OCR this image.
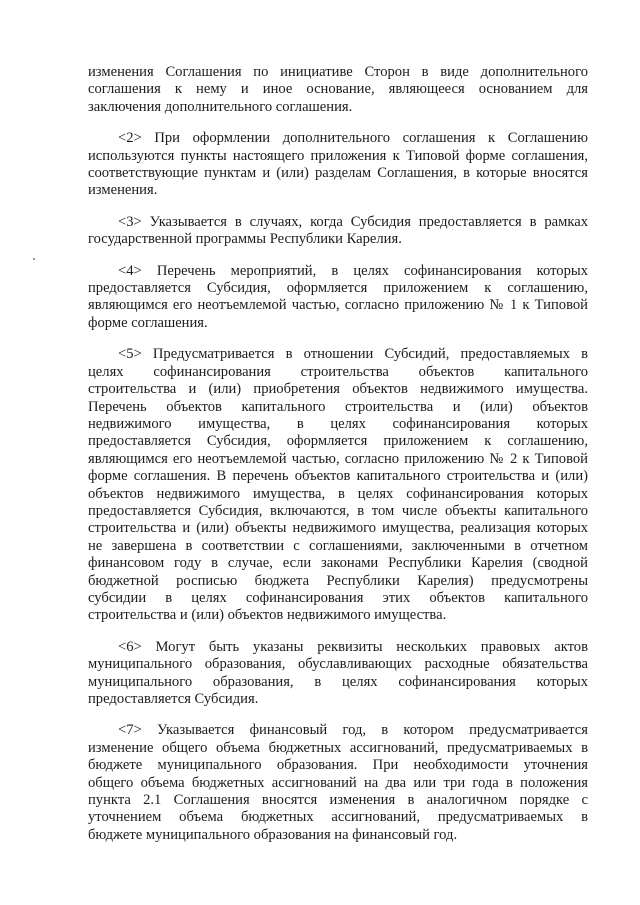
изменения Соглашения по инициативе Сторон в виде дополнительного
соглашения к нему и иное основание, являющееся основанием для
заключения дополнительного соглашения.
<2> При оформлении дополнительного соглашения к Соглашению
используются пункты настоящего приложения к Типовой форме соглашения,
соответствующие пунктам и (или) разделам Соглашения, в которые вносятся
изменения.
<3> Указывается в случаях, когда Субсидия предоставляется в рамках
государственной программы Республики Карелия.
<4> Перечень мероприятий, в целях софинансирования которых
предоставляется Субсидия, оформляется приложением к соглашению,
являющимся его неотъемлемой частью, согласно приложению № 1 к Типовой
форме соглашения.
<5> Предусматривается в отношении Субсидий, предоставляемых в
целях софинансирования строительства объектов капитального
строительства и (или) приобретения объектов недвижимого имущества.
Перечень объектов капитального строительства и (или) объектов
недвижимого имущества, в целях софинансирования которых
предоставляется Субсидия, оформляется приложением к соглашению,
являющимся его неотъемлемой частью, согласно приложению № 2 к Типовой
форме соглашения. В перечень объектов капитального строительства и (или)
объектов недвижимого имущества, в целях софинансирования которых
предоставляется Субсидия, включаются, в том числе объекты капитального
строительства и (или) объекты недвижимого имущества, реализация которых
не завершена в соответствии с соглашениями, заключенными в отчетном
финансовом году в случае, если законами Республики Карелия (сводной
бюджетной росписью бюджета Республики Карелия) предусмотрены
субсидии в целях софинансирования этих объектов капитального
строительства и (или) объектов недвижимого имущества.
<6> Могут быть указаны реквизиты нескольких правовых актов
муниципального образования, обуславливающих расходные обязательства
муниципального образования, в целях софинансирования которых
предоставляется Субсидия.
<7> Указывается финансовый год, в котором предусматривается
изменение общего объема бюджетных ассигнований, предусматриваемых в
бюджете муниципального образования. При необходимости уточнения
общего объема бюджетных ассигнований на два или три года в положения
пункта 2.1 Соглашения вносятся изменения в аналогичном порядке с
уточнением объема бюджетных ассигнований, предусматриваемых в
бюджете муниципального образования на финансовый год.
